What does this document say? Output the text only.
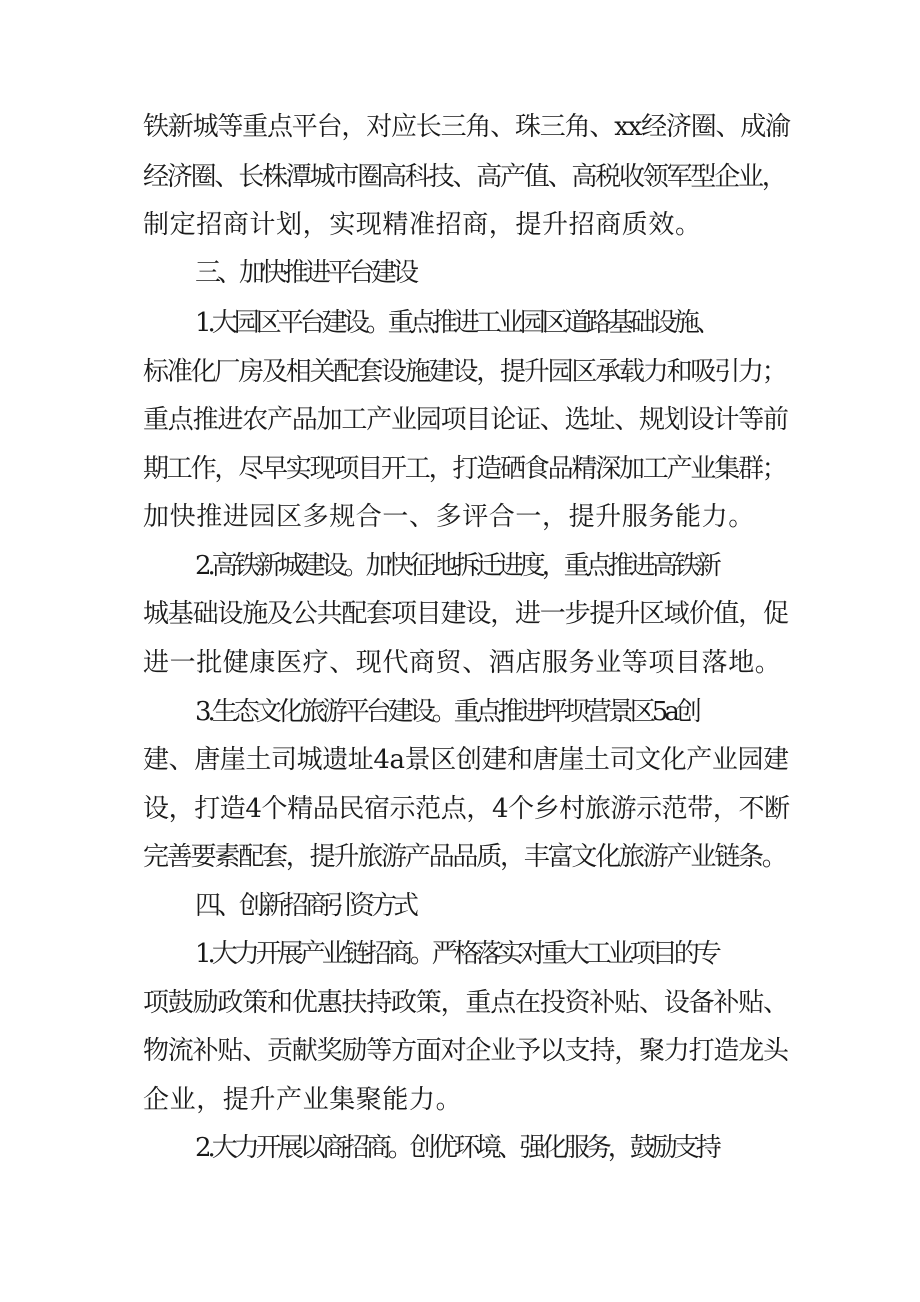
铁新城等重点平台，对应长三角、珠三角、xx经济圈、成渝
经济圈、长株潭城市圈高科技、高产值、高税收领军型企业，
制定招商计划，实现精准招商，提升招商质效。
三、加快推进平台建设
1.大园区平台建设。重点推进工业园区道路基础设施、
标准化厂房及相关配套设施建设，提升园区承载力和吸引力；
重点推进农产品加工产业园项目论证、选址、规划设计等前
期工作，尽早实现项目开工，打造硒食品精深加工产业集群；
加快推进园区多规合一、多评合一，提升服务能力。
2.高铁新城建设。加快征地拆迁进度，重点推进高铁新
城基础设施及公共配套项目建设，进一步提升区域价值，促
进一批健康医疗、现代商贸、酒店服务业等项目落地。
3.生态文化旅游平台建设。重点推进坪坝营景区5a创
建、唐崖土司城遗址4a景区创建和唐崖土司文化产业园建
设，打造4个精品民宿示范点，4个乡村旅游示范带，不断
完善要素配套，提升旅游产品品质，丰富文化旅游产业链条。
四、创新招商引资方式
1.大力开展产业链招商。严格落实对重大工业项目的专
项鼓励政策和优惠扶持政策，重点在投资补贴、设备补贴、
物流补贴、贡献奖励等方面对企业予以支持，聚力打造龙头
企业，提升产业集聚能力。
2.大力开展以商招商。创优环境、强化服务，鼓励支持
